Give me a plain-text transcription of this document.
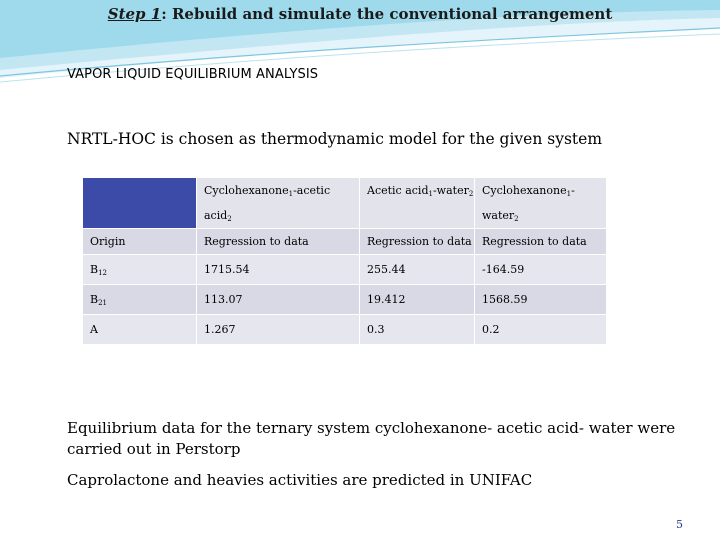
Step 1: Rebuild and simulate the conventional arrangement
VAPOR LIQUID EQUILIBRIUM ANALYSIS
NRTL-HOC is chosen as thermodynamic model for the given system
	Cyclohexanone$_1$-acetic acid$_2$	Acetic acid$_1$-water$_2$	Cyclohexanone$_1$-water$_2$
Origin	Regression to data	Regression to data	Regression to data
$B_{12}$	1715.54	255.44	-164.59
$B_{21}$	113.07	19.412	1568.59
A	1.267	0.3	0.2
Equilibrium data for the ternary system cyclohexanone- acetic acid- water were carried out in Perstorp
Caprolactone and heavies activities are predicted in UNIFAC
5
